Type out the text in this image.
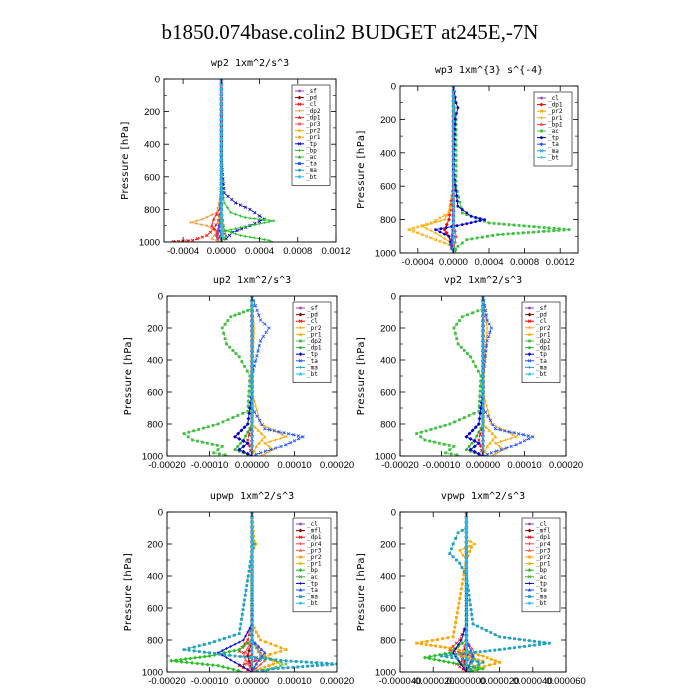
b1850.074base.colin2 BUDGET at245E,-7N
wp2 1xm^2/s^3
Pressure [hPa]
0
200
400
600
800
1000
-0.0004 0.0000 0.0004 0.0008 0.0012
_sf
_pd
_cl
_dp2
_dp1
_pr3
_pr2
_pr1
_tp
_bp
_ac
_ta
_ma
_bt
wp3 1xm^{3} s^{-4}
Pressure [hPa]
0
200
400
600
800
1000
-0.0004 0.0000 0.0004 0.0008 0.0012
_cl
_dp1
_pr2
_pr1
_bp1
_ac
_tp
_ta
_ma
_bt
up2 1xm^2/s^3
Pressure [hPa]
0
200
400
600
800
1000
-0.00020 -0.00010 0.00000 0.00010 0.00020
_sf
_pd
_cl
_pr2
_pr1
_dp2
_dp1
_tp
_ta
_ma
_bt
vp2 1xm^2/s^3
Pressure [hPa]
0
200
400
600
800
1000
-0.00020 -0.00010 0.00000 0.00010 0.00020
_sf
_pd
_cl
_pr2
_pr1
_dp2
_dp1
_tp
_ta
_ma
_bt
upwp 1xm^2/s^3
Pressure [hPa]
0
200
400
600
800
1000
-0.00020 -0.00010 0.00000 0.00010 0.00020
_cl
_mfl
_dp1
_pr4
_pr3
_pr2
_pr1
_bp
_ac
_tp
_ta
_ma
_bt
vpwp 1xm^2/s^3
Pressure [hPa]
0
200
400
600
800
1000
-0.000040
-0.000020
0.000000
0.000020
0.000040
0.000060
_cl
_mfl
_dp1
_pr4
_pr3
_pr2
_pr1
_bp
_ac
_tp
_te
_ma
_bt
